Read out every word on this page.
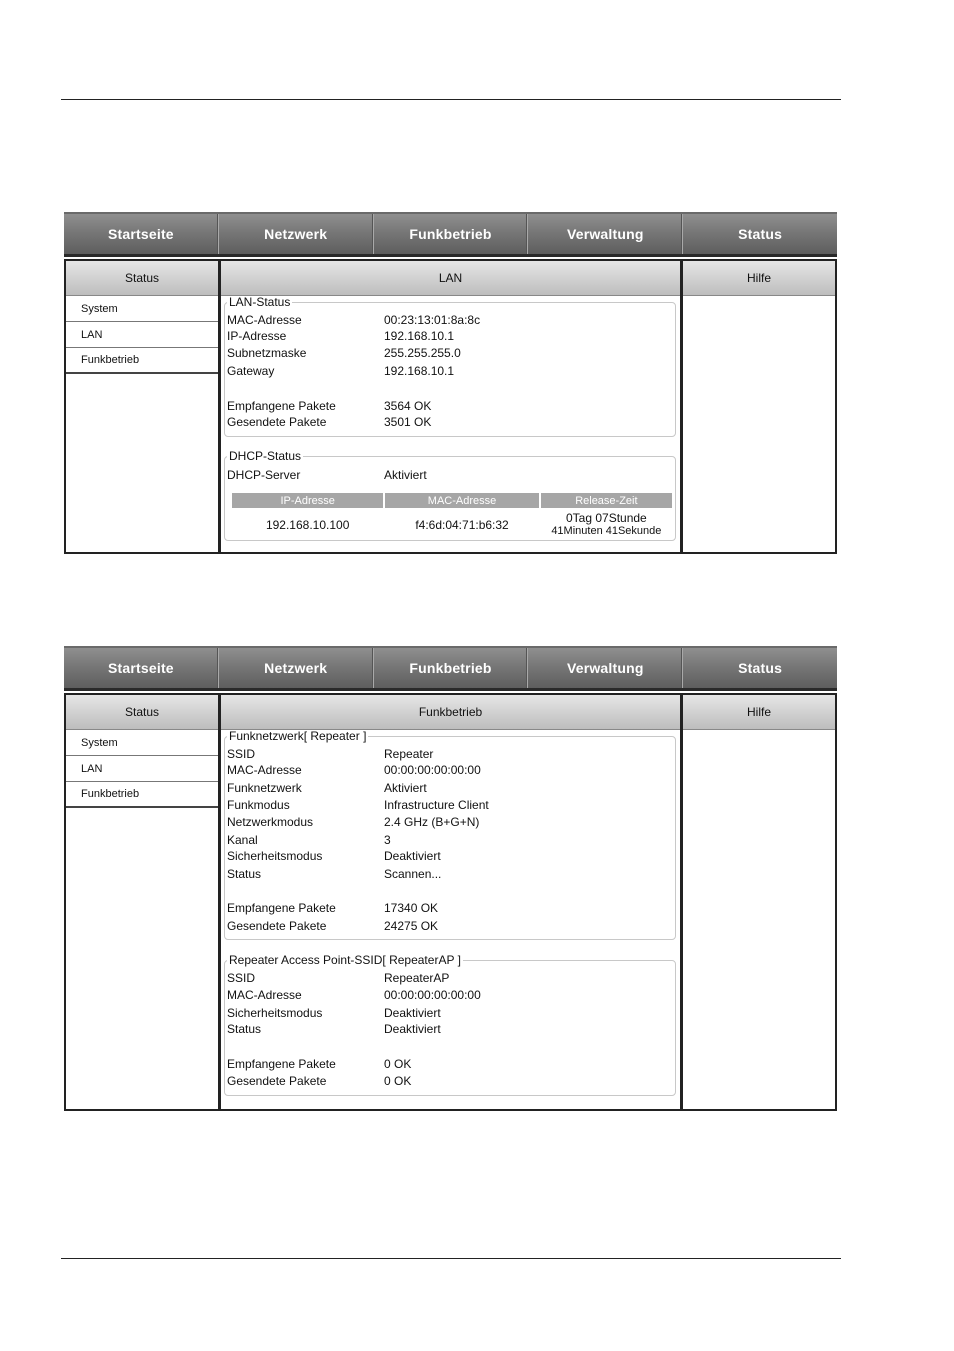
Startseite	Netzwerk	Funkbetrieb	Verwaltung	Status
Status
System
LAN
Funkbetrieb
LAN
LAN-Status
MAC-Adresse	00:23:13:01:8a:8c
IP-Adresse	192.168.10.1
Subnetzmaske	255.255.255.0
Gateway	192.168.10.1
Empfangene Pakete	3564 OK
Gesendete Pakete	3501 OK
DHCP-Status
IP-Adresse	MAC-Adresse	Release-Zeit
192.168.10.100	f4:6d:04:71:b6:32	0Tag 07Stunde
41Minuten 41Sekunde
DHCP-Server	Aktiviert
Hilfe
Startseite	Netzwerk	Funkbetrieb	Verwaltung	Status
Status
System
LAN
Funkbetrieb
Funkbetrieb
Funknetzwerk[ Repeater ]
SSID	Repeater
MAC-Adresse	00:00:00:00:00:00
Funknetzwerk	Aktiviert
Funkmodus	Infrastructure Client
Netzwerkmodus	2.4 GHz (B+G+N)
Kanal	3
Sicherheitsmodus	Deaktiviert
Status	Scannen...
Empfangene Pakete	17340 OK
Gesendete Pakete	24275 OK
Repeater Access Point-SSID[ RepeaterAP ]
SSID	RepeaterAP
MAC-Adresse	00:00:00:00:00:00
Sicherheitsmodus	Deaktiviert
Status	Deaktiviert
Empfangene Pakete	0 OK
Gesendete Pakete	0 OK
Hilfe
